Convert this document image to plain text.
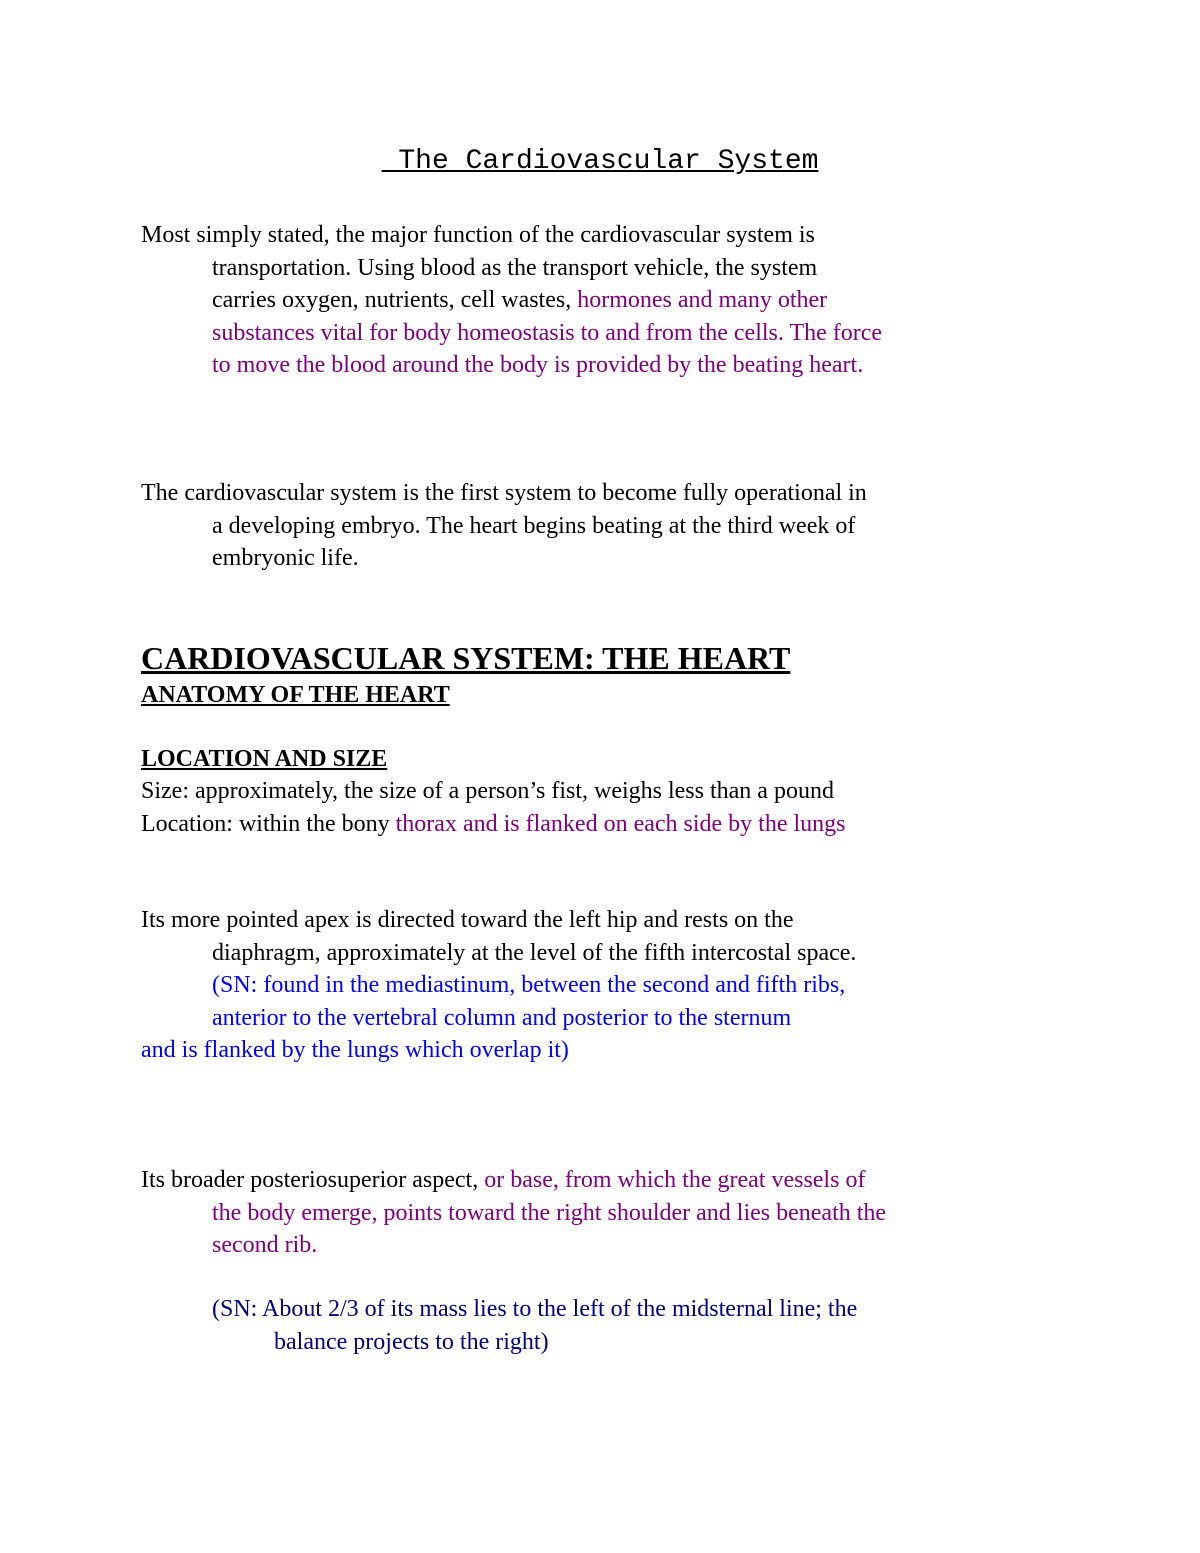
The Cardiovascular System
Most simply stated, the major function of the cardiovascular system is
transportation. Using blood as the transport vehicle, the system
carries oxygen, nutrients, cell wastes, hormones and many other
substances vital for body homeostasis to and from the cells. The force
to move the blood around the body is provided by the beating heart.
The cardiovascular system is the first system to become fully operational in
a developing embryo. The heart begins beating at the third week of
embryonic life.
CARDIOVASCULAR SYSTEM: THE HEART
ANATOMY OF THE HEART
LOCATION AND SIZE
Size: approximately, the size of a person’s fist, weighs less than a pound
Location: within the bony thorax and is flanked on each side by the lungs
Its more pointed apex is directed toward the left hip and rests on the
diaphragm, approximately at the level of the fifth intercostal space.
(SN: found in the mediastinum, between the second and fifth ribs,
anterior to the vertebral column and posterior to the sternum
and is flanked by the lungs which overlap it)
Its broader posteriosuperior aspect, or base, from which the great vessels of
the body emerge, points toward the right shoulder and lies beneath the
second rib.
(SN: About 2/3 of its mass lies to the left of the midsternal line; the
balance projects to the right)
